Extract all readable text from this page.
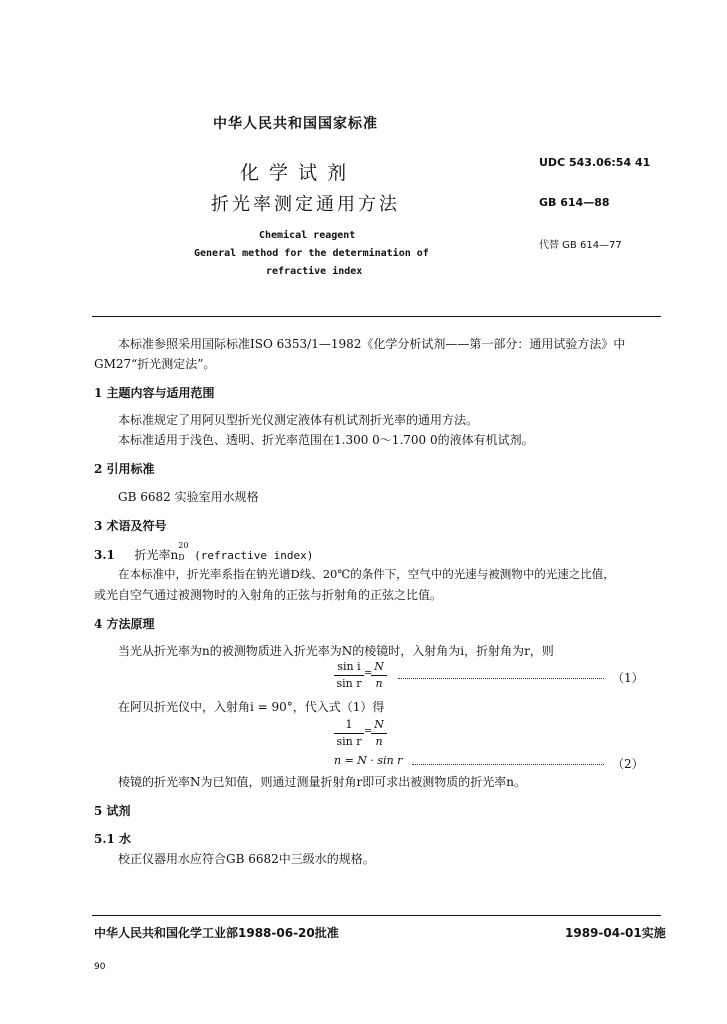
中华人民共和国国家标准
化 学 试 剂
折光率测定通用方法
Chemical reagent
General method for the determination of
refractive index
UDC 543.06:54 41
GB 614—88
代替 GB 614—77
本标准参照采用国际标准ISO 6353/1—1982《化学分析试剂——第一部分：通用试验方法》中
GM27“折光测定法”。
1 主题内容与适用范围
本标准规定了用阿贝型折光仪测定液体有机试剂折光率的通用方法。
本标准适用于浅色、透明、折光率范围在1.300 0～1.700 0的液体有机试剂。
2 引用标准
GB 6682 实验室用水规格
3 术语及符号
3.1 折光率n
20
D (refractive index)
在本标准中，折光率系指在钠光谱D线、20℃的条件下，空气中的光速与被测物中的光速之比值，
或光自空气通过被测物时的入射角的正弦与折射角的正弦之比值。
4 方法原理
当光从折光率为n的被测物质进入折光率为N的棱镜时，入射角为i，折射角为r，则
sin i
sin r
=
N
n	（1）
在阿贝折光仪中，入射角i = 90°，代入式（1）得
1
sin r
=
N
n
n = N · sin r	（2）
棱镜的折光率N为已知值，则通过测量折射角r即可求出被测物质的折光率n。
5 试剂
5.1 水
校正仪器用水应符合GB 6682中三级水的规格。
中华人民共和国化学工业部1988-06-20批准	1989-04-01实施
90
